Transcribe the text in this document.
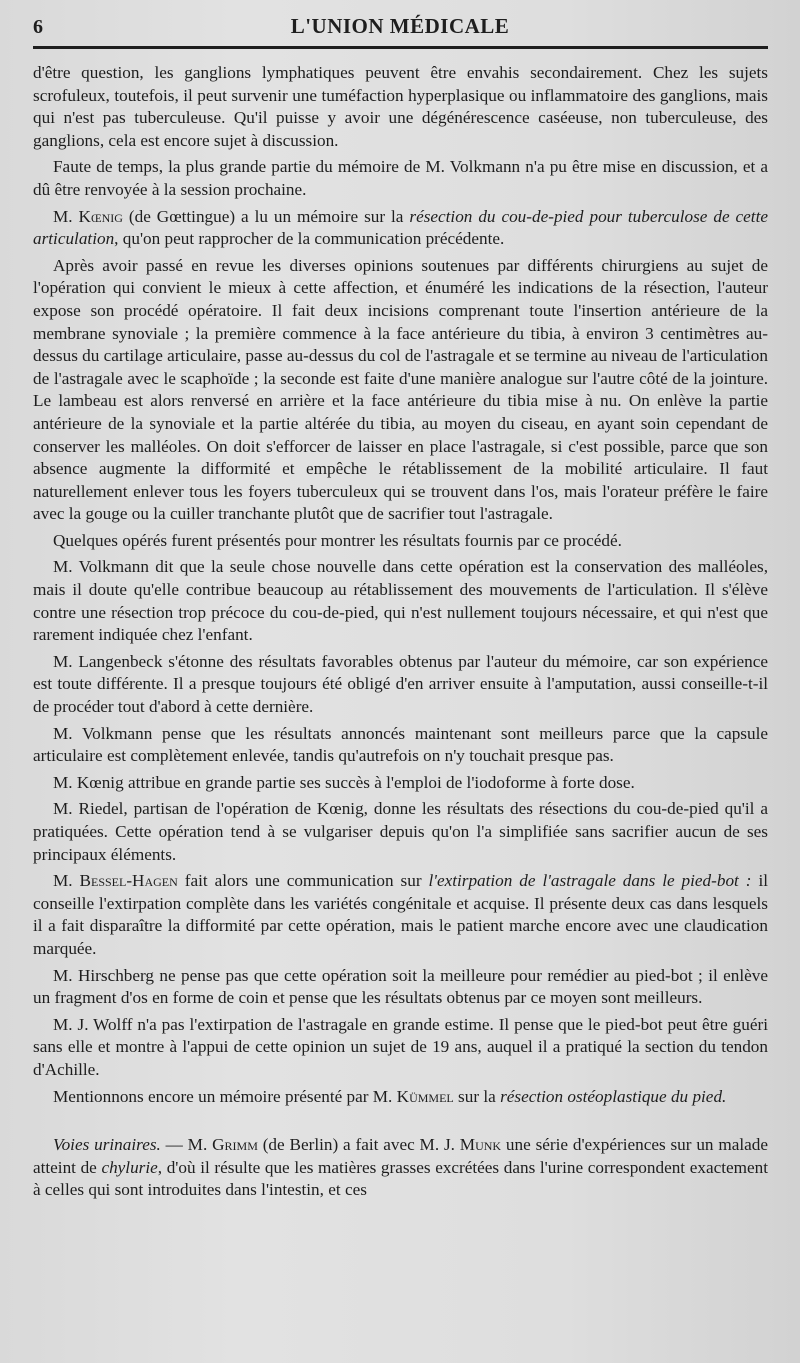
6	L'UNION MÉDICALE

d'être question, les ganglions lymphatiques peuvent être envahis secondairement. Chez les sujets scrofuleux, toutefois, il peut survenir une tuméfaction hyperplasique ou inflammatoire des ganglions, mais qui n'est pas tuberculeuse. Qu'il puisse y avoir une dégénérescence caséeuse, non tuberculeuse, des ganglions, cela est encore sujet à discussion.

Faute de temps, la plus grande partie du mémoire de M. Volkmann n'a pu être mise en discussion, et a dû être renvoyée à la session prochaine.

M. Kœnig (de Gœttingue) a lu un mémoire sur la résection du cou-de-pied pour tuberculose de cette articulation, qu'on peut rapprocher de la communication précédente.

Après avoir passé en revue les diverses opinions soutenues par différents chirurgiens au sujet de l'opération qui convient le mieux à cette affection, et énuméré les indications de la résection, l'auteur expose son procédé opératoire. Il fait deux incisions comprenant toute l'insertion antérieure de la membrane synoviale ; la première commence à la face antérieure du tibia, à environ 3 centimètres au-dessus du cartilage articulaire, passe au-dessus du col de l'astragale et se termine au niveau de l'articulation de l'astragale avec le scaphoïde ; la seconde est faite d'une manière analogue sur l'autre côté de la jointure. Le lambeau est alors renversé en arrière et la face antérieure du tibia mise à nu. On enlève la partie antérieure de la synoviale et la partie altérée du tibia, au moyen du ciseau, en ayant soin cependant de conserver les malléoles. On doit s'efforcer de laisser en place l'astragale, si c'est possible, parce que son absence augmente la difformité et empêche le rétablissement de la mobilité articulaire. Il faut naturellement enlever tous les foyers tuberculeux qui se trouvent dans l'os, mais l'orateur préfère le faire avec la gouge ou la cuiller tranchante plutôt que de sacrifier tout l'astragale.

Quelques opérés furent présentés pour montrer les résultats fournis par ce procédé.

M. Volkmann dit que la seule chose nouvelle dans cette opération est la conservation des malléoles, mais il doute qu'elle contribue beaucoup au rétablissement des mouvements de l'articulation. Il s'élève contre une résection trop précoce du cou-de-pied, qui n'est nullement toujours nécessaire, et qui n'est que rarement indiquée chez l'enfant.

M. Langenbeck s'étonne des résultats favorables obtenus par l'auteur du mémoire, car son expérience est toute différente. Il a presque toujours été obligé d'en arriver ensuite à l'amputation, aussi conseille-t-il de procéder tout d'abord à cette dernière.

M. Volkmann pense que les résultats annoncés maintenant sont meilleurs parce que la capsule articulaire est complètement enlevée, tandis qu'autrefois on n'y touchait presque pas.

M. Kœnig attribue en grande partie ses succès à l'emploi de l'iodoforme à forte dose.

M. Riedel, partisan de l'opération de Kœnig, donne les résultats des résections du cou-de-pied qu'il a pratiquées. Cette opération tend à se vulgariser depuis qu'on l'a simplifiée sans sacrifier aucun de ses principaux éléments.

M. Bessel-Hagen fait alors une communication sur l'extirpation de l'astragale dans le pied-bot : il conseille l'extirpation complète dans les variétés congénitale et acquise. Il présente deux cas dans lesquels il a fait disparaître la difformité par cette opération, mais le patient marche encore avec une claudication marquée.

M. Hirschberg ne pense pas que cette opération soit la meilleure pour remédier au pied-bot ; il enlève un fragment d'os en forme de coin et pense que les résultats obtenus par ce moyen sont meilleurs.

M. J. Wolff n'a pas l'extirpation de l'astragale en grande estime. Il pense que le pied-bot peut être guéri sans elle et montre à l'appui de cette opinion un sujet de 19 ans, auquel il a pratiqué la section du tendon d'Achille.

Mentionnons encore un mémoire présenté par M. Kümmel sur la résection ostéoplastique du pied.

Voies urinaires. — M. Grimm (de Berlin) a fait avec M. J. Munk une série d'expériences sur un malade atteint de chylurie, d'où il résulte que les matières grasses excrétées dans l'urine correspondent exactement à celles qui sont introduites dans l'intestin, et ces
